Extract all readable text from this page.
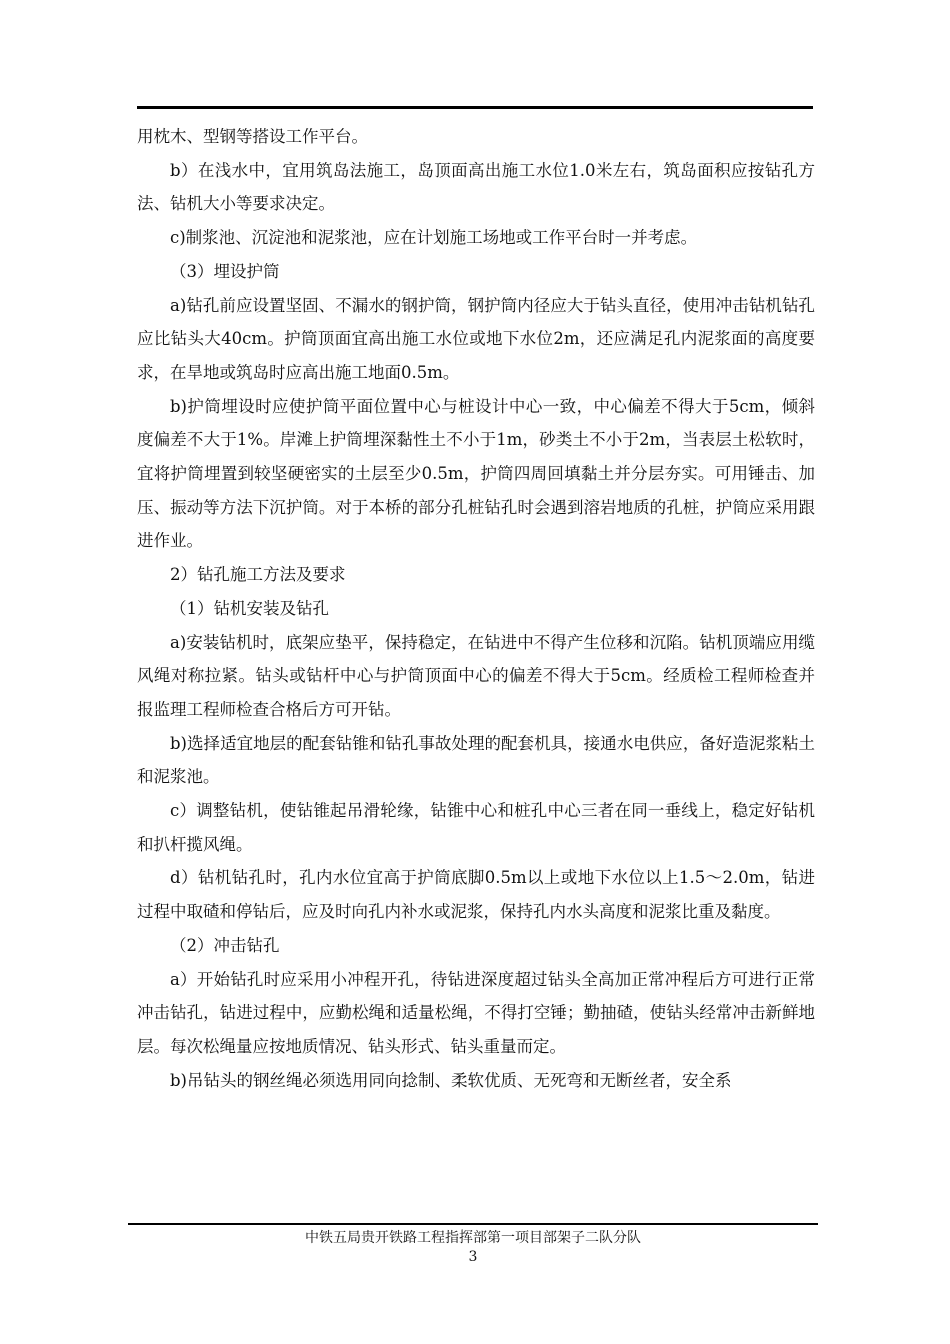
用枕木、型钢等搭设工作平台。

b）在浅水中，宜用筑岛法施工，岛顶面高出施工水位1.0米左右，筑岛面积应按钻孔方法、钻机大小等要求决定。

c)制浆池、沉淀池和泥浆池，应在计划施工场地或工作平台时一并考虑。

（3）埋设护筒

a)钻孔前应设置坚固、不漏水的钢护筒，钢护筒内径应大于钻头直径，使用冲击钻机钻孔应比钻头大40cm。护筒顶面宜高出施工水位或地下水位2m，还应满足孔内泥浆面的高度要求，在旱地或筑岛时应高出施工地面0.5m。

b)护筒埋设时应使护筒平面位置中心与桩设计中心一致，中心偏差不得大于5cm，倾斜度偏差不大于1%。岸滩上护筒埋深黏性土不小于1m，砂类土不小于2m，当表层土松软时，宜将护筒埋置到较坚硬密实的土层至少0.5m，护筒四周回填黏土并分层夯实。可用锤击、加压、振动等方法下沉护筒。对于本桥的部分孔桩钻孔时会遇到溶岩地质的孔桩，护筒应采用跟进作业。

2）钻孔施工方法及要求

（1）钻机安装及钻孔

a)安装钻机时，底架应垫平，保持稳定，在钻进中不得产生位移和沉陷。钻机顶端应用缆风绳对称拉紧。钻头或钻杆中心与护筒顶面中心的偏差不得大于5cm。经质检工程师检查并报监理工程师检查合格后方可开钻。

b)选择适宜地层的配套钻锥和钻孔事故处理的配套机具，接通水电供应，备好造泥浆粘土和泥浆池。

c）调整钻机，使钻锥起吊滑轮缘，钻锥中心和桩孔中心三者在同一垂线上，稳定好钻机和扒杆揽风绳。

d）钻机钻孔时，孔内水位宜高于护筒底脚0.5m以上或地下水位以上1.5～2.0m，钻进过程中取碴和停钻后，应及时向孔内补水或泥浆，保持孔内水头高度和泥浆比重及黏度。

（2）冲击钻孔

a）开始钻孔时应采用小冲程开孔，待钻进深度超过钻头全高加正常冲程后方可进行正常冲击钻孔，钻进过程中，应勤松绳和适量松绳，不得打空锤；勤抽碴，使钻头经常冲击新鲜地层。每次松绳量应按地质情况、钻头形式、钻头重量而定。

b)吊钻头的钢丝绳必须选用同向捻制、柔软优质、无死弯和无断丝者，安全系

中铁五局贵开铁路工程指挥部第一项目部架子二队分队
3
